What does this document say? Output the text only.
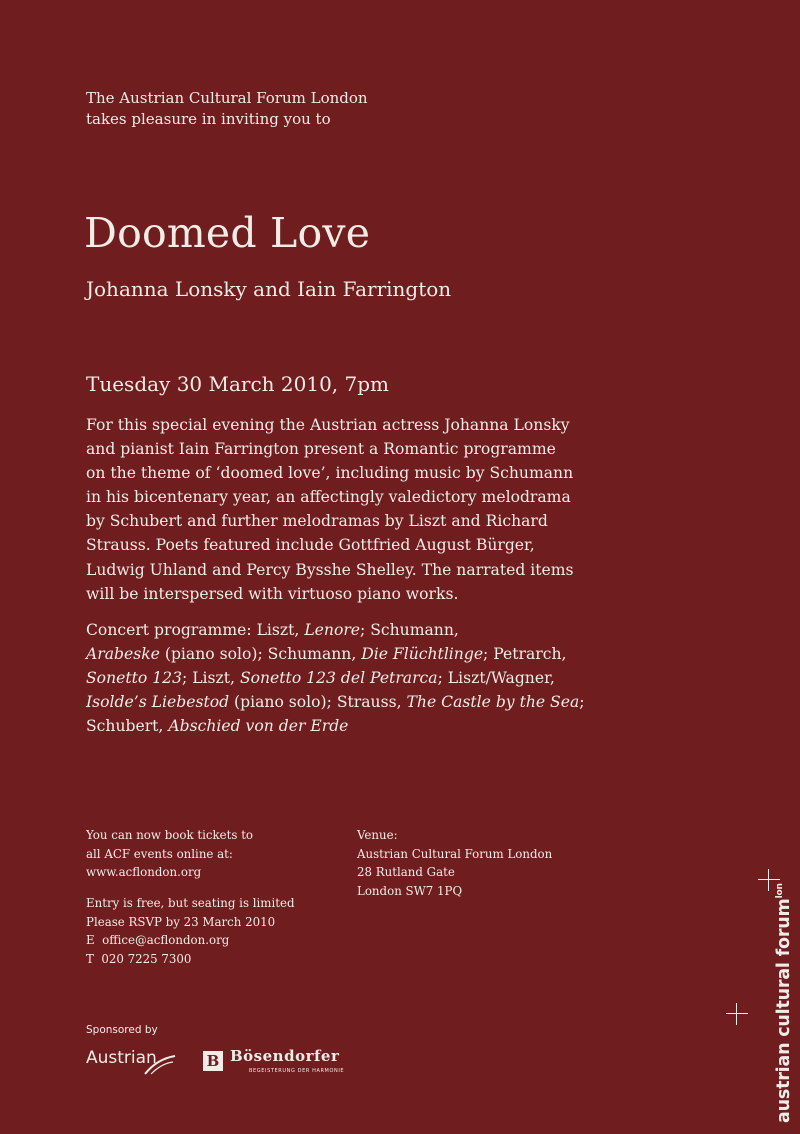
The Austrian Cultural Forum London
takes pleasure in inviting you to
Doomed Love
Johanna Lonsky and Iain Farrington
Tuesday 30 March 2010, 7pm
For this special evening the Austrian actress Johanna Lonsky
and pianist Iain Farrington present a Romantic programme
on the theme of ‘doomed love’, including music by Schumann
in his bicentenary year, an affectingly valedictory melodrama
by Schubert and further melodramas by Liszt and Richard
Strauss. Poets featured include Gottfried August Bürger,
Ludwig Uhland and Percy Bysshe Shelley. The narrated items
will be interspersed with virtuoso piano works.
Concert programme: Liszt, Lenore; Schumann,
Arabeske (piano solo); Schumann, Die Flüchtlinge; Petrarch,
Sonetto 123; Liszt, Sonetto 123 del Petrarca; Liszt/Wagner,
Isolde’s Liebestod (piano solo); Strauss, The Castle by the Sea;
Schubert, Abschied von der Erde
You can now book tickets to
all ACF events online at:
www.acflondon.org
Entry is free, but seating is limited
Please RSVP by 23 March 2010
E office@acflondon.org
T 020 7225 7300
Venue:
Austrian Cultural Forum London
28 Rutland Gate
London SW7 1PQ
Sponsored by
Austrian	B Bösendorfer
BEGEISTERUNG DER HARMONIE	austrian cultural forum$^{lon}$
